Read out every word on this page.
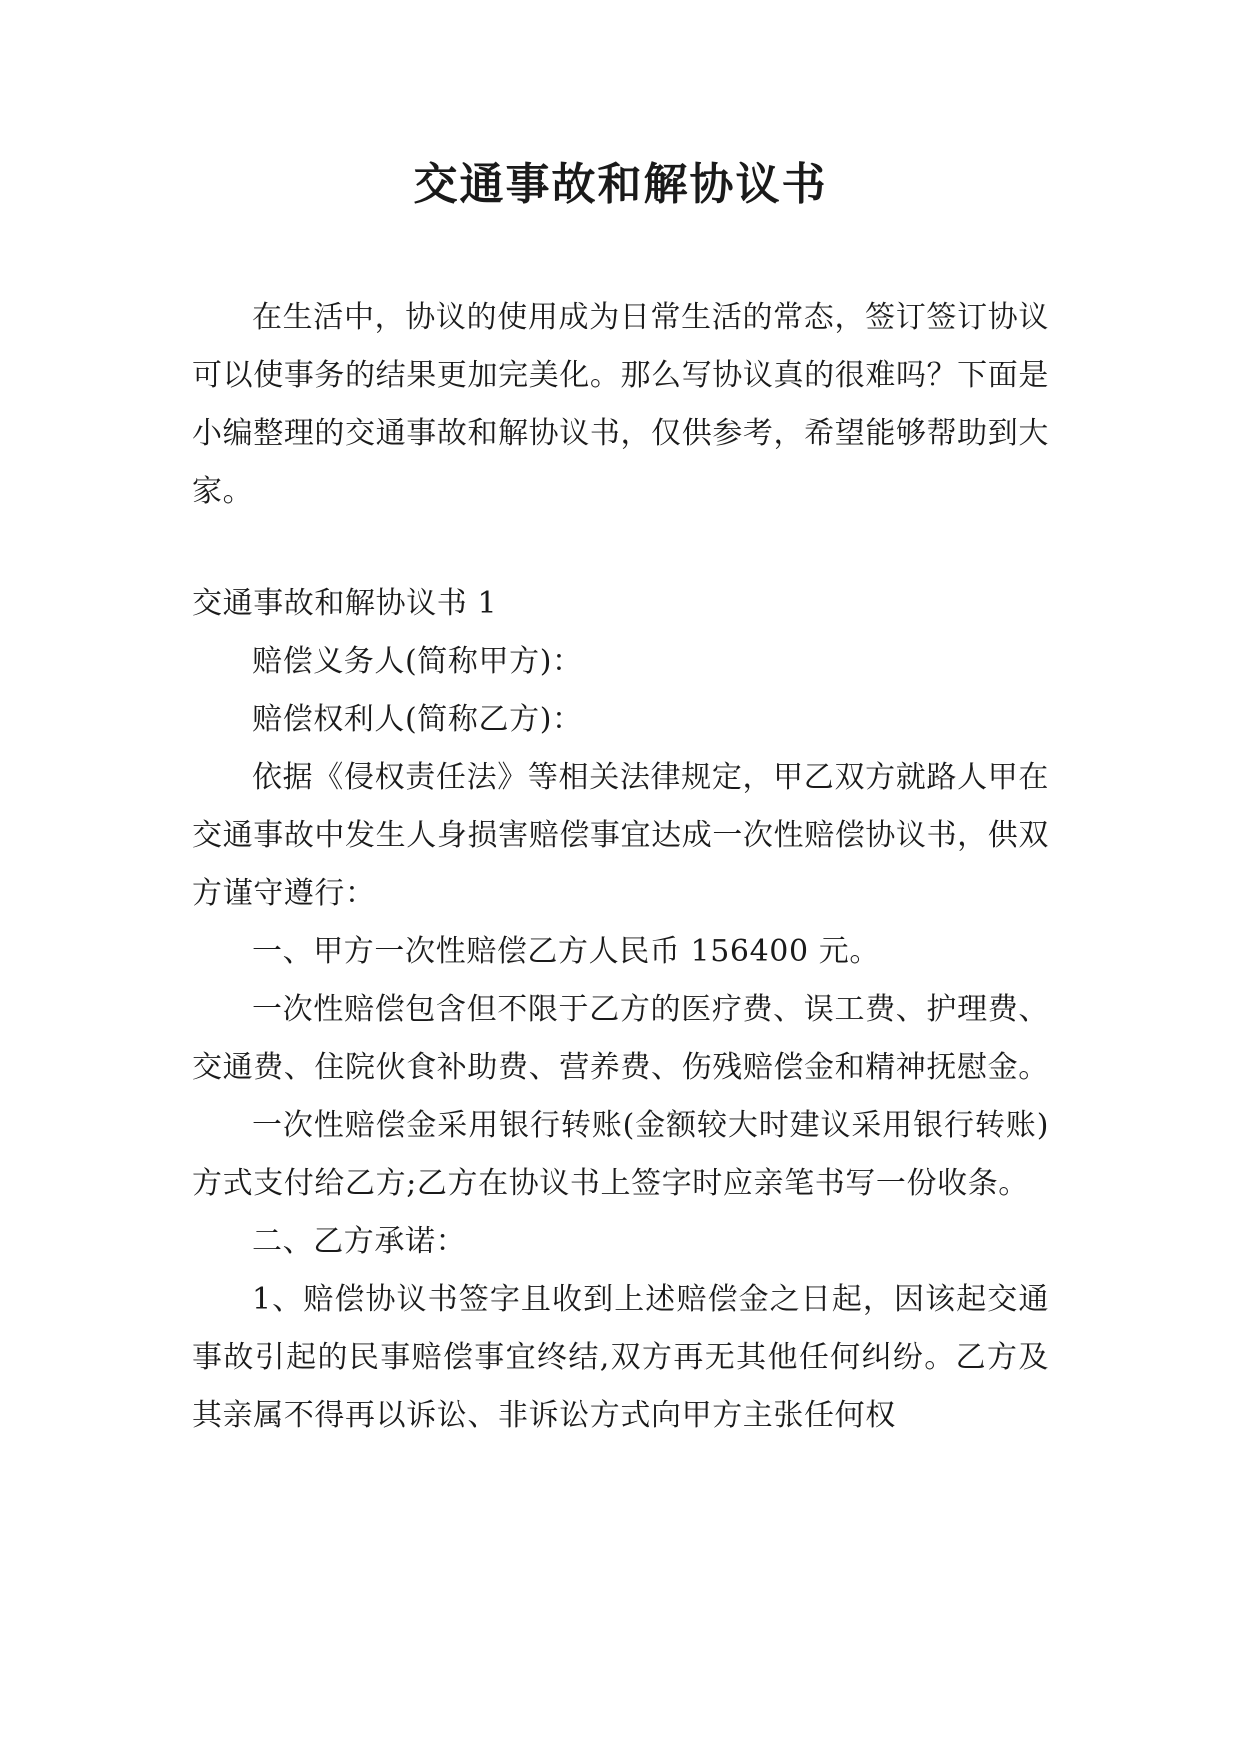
交通事故和解协议书

在生活中，协议的使用成为日常生活的常态，签订签订协议可以使事务的结果更加完美化。那么写协议真的很难吗？下面是小编整理的交通事故和解协议书，仅供参考，希望能够帮助到大家。

交通事故和解协议书 1

赔偿义务人(简称甲方)：

赔偿权利人(简称乙方)：

依据《侵权责任法》等相关法律规定，甲乙双方就路人甲在交通事故中发生人身损害赔偿事宜达成一次性赔偿协议书，供双方谨守遵行：

一、甲方一次性赔偿乙方人民币 156400 元。

一次性赔偿包含但不限于乙方的医疗费、误工费、护理费、交通费、住院伙食补助费、营养费、伤残赔偿金和精神抚慰金。

一次性赔偿金采用银行转账(金额较大时建议采用银行转账)方式支付给乙方;乙方在协议书上签字时应亲笔书写一份收条。

二、乙方承诺：

1、赔偿协议书签字且收到上述赔偿金之日起，因该起交通事故引起的民事赔偿事宜终结,双方再无其他任何纠纷。乙方及其亲属不得再以诉讼、非诉讼方式向甲方主张任何权
